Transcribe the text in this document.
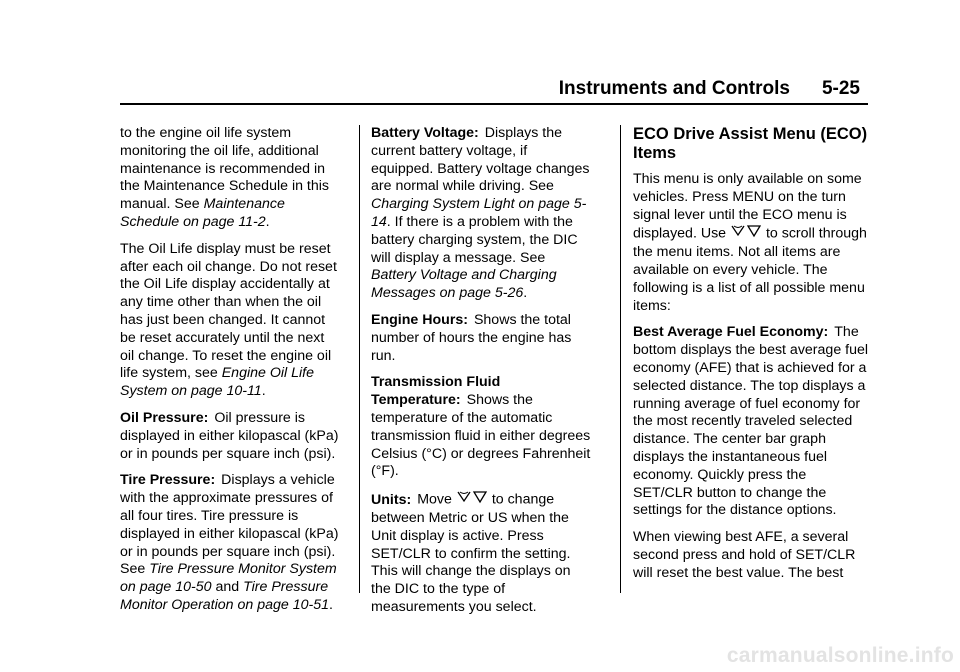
Instruments and Controls 5-25

to the engine oil life system monitoring the oil life, additional maintenance is recommended in the Maintenance Schedule in this manual. See Maintenance Schedule on page 11-2.

The Oil Life display must be reset after each oil change. Do not reset the Oil Life display accidentally at any time other than when the oil has just been changed. It cannot be reset accurately until the next oil change. To reset the engine oil life system, see Engine Oil Life System on page 10-11.

Oil Pressure: Oil pressure is displayed in either kilopascal (kPa) or in pounds per square inch (psi).

Tire Pressure: Displays a vehicle with the approximate pressures of all four tires. Tire pressure is displayed in either kilopascal (kPa) or in pounds per square inch (psi). See Tire Pressure Monitor System on page 10-50 and Tire Pressure Monitor Operation on page 10-51.

Battery Voltage: Displays the current battery voltage, if equipped. Battery voltage changes are normal while driving. See Charging System Light on page 5-14. If there is a problem with the battery charging system, the DIC will display a message. See Battery Voltage and Charging Messages on page 5-26.

Engine Hours: Shows the total number of hours the engine has run.

Transmission Fluid Temperature: Shows the temperature of the automatic transmission fluid in either degrees Celsius (°C) or degrees Fahrenheit (°F).

Units: Move	to change between Metric or US when the Unit display is active. Press SET/CLR to confirm the setting. This will change the displays on the DIC to the type of measurements you select.

ECO Drive Assist Menu (ECO) Items

This menu is only available on some vehicles. Press MENU on the turn signal lever until the ECO menu is displayed. Use	to scroll through the menu items. Not all items are available on every vehicle. The following is a list of all possible menu items:

Best Average Fuel Economy: The bottom displays the best average fuel economy (AFE) that is achieved for a selected distance. The top displays a running average of fuel economy for the most recently traveled selected distance. The center bar graph displays the instantaneous fuel economy. Quickly press the SET/CLR button to change the settings for the distance options.

When viewing best AFE, a several second press and hold of SET/CLR will reset the best value. The best

carmanualsonline.info
